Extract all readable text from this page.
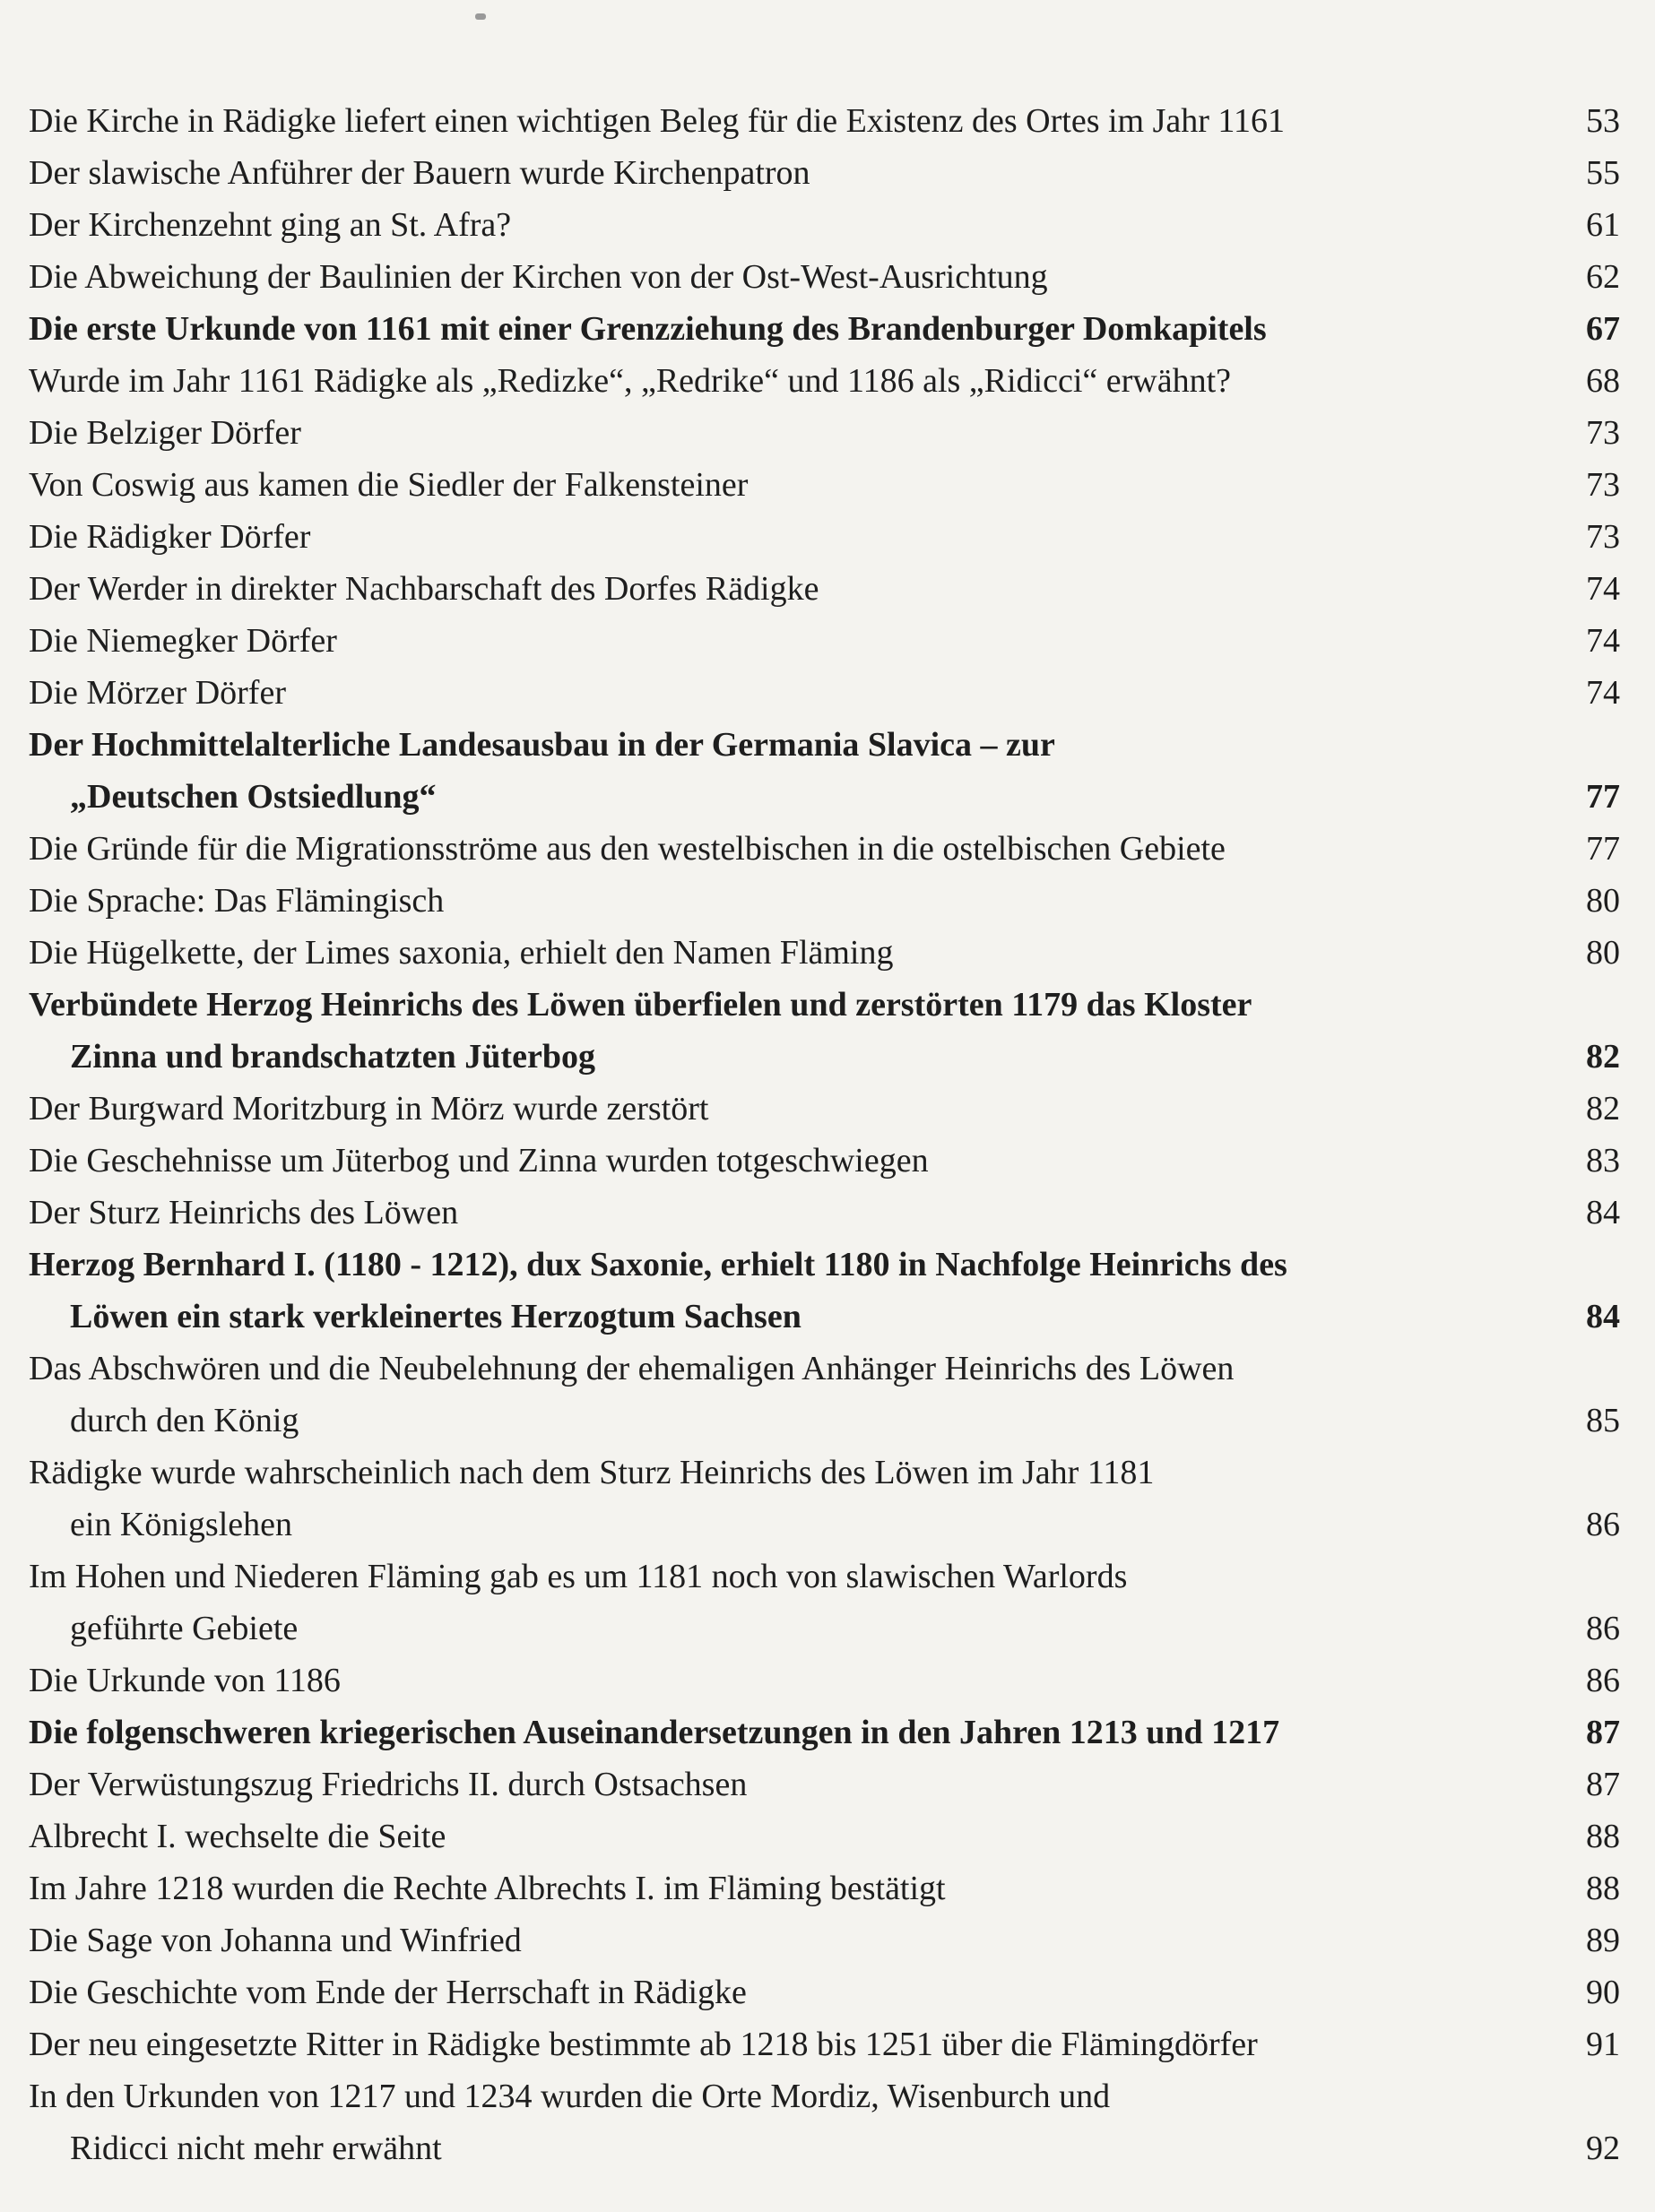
Die Kirche in Rädigke liefert einen wichtigen Beleg für die Existenz des Ortes im Jahr 1161	53
Der slawische Anführer der Bauern wurde Kirchenpatron	55
Der Kirchenzehnt ging an St. Afra?	61
Die Abweichung der Baulinien der Kirchen von der Ost-West-Ausrichtung	62
Die erste Urkunde von 1161 mit einer Grenzziehung des Brandenburger Domkapitels	67
Wurde im Jahr 1161 Rädigke als „Redizke“, „Redrike“ und 1186 als „Ridicci“ erwähnt?	68
Die Belziger Dörfer	73
Von Coswig aus kamen die Siedler der Falkensteiner	73
Die Rädigker Dörfer	73
Der Werder in direkter Nachbarschaft des Dorfes Rädigke	74
Die Niemegker Dörfer	74
Die Mörzer Dörfer	74
Der Hochmittelalterliche Landesausbau in der Germania Slavica – zur
„Deutschen Ostsiedlung“	77
Die Gründe für die Migrationsströme aus den westelbischen in die ostelbischen Gebiete	77
Die Sprache: Das Flämingisch	80
Die Hügelkette, der Limes saxonia, erhielt den Namen Fläming	80
Verbündete Herzog Heinrichs des Löwen überfielen und zerstörten 1179 das Kloster
Zinna und brandschatzten Jüterbog	82
Der Burgward Moritzburg in Mörz wurde zerstört	82
Die Geschehnisse um Jüterbog und Zinna wurden totgeschwiegen	83
Der Sturz Heinrichs des Löwen	84
Herzog Bernhard I. (1180 - 1212), dux Saxonie, erhielt 1180 in Nachfolge Heinrichs des
Löwen ein stark verkleinertes Herzogtum Sachsen	84
Das Abschwören und die Neubelehnung der ehemaligen Anhänger Heinrichs des Löwen
durch den König	85
Rädigke wurde wahrscheinlich nach dem Sturz Heinrichs des Löwen im Jahr 1181
ein Königslehen	86
Im Hohen und Niederen Fläming gab es um 1181 noch von slawischen Warlords
geführte Gebiete	86
Die Urkunde von 1186	86
Die folgenschweren kriegerischen Auseinandersetzungen in den Jahren 1213 und 1217	87
Der Verwüstungszug Friedrichs II. durch Ostsachsen	87
Albrecht I. wechselte die Seite	88
Im Jahre 1218 wurden die Rechte Albrechts I. im Fläming bestätigt	88
Die Sage von Johanna und Winfried	89
Die Geschichte vom Ende der Herrschaft in Rädigke	90
Der neu eingesetzte Ritter in Rädigke bestimmte ab 1218 bis 1251 über die Flämingdörfer	91
In den Urkunden von 1217 und 1234 wurden die Orte Mordiz, Wisenburch und
Ridicci nicht mehr erwähnt	92
